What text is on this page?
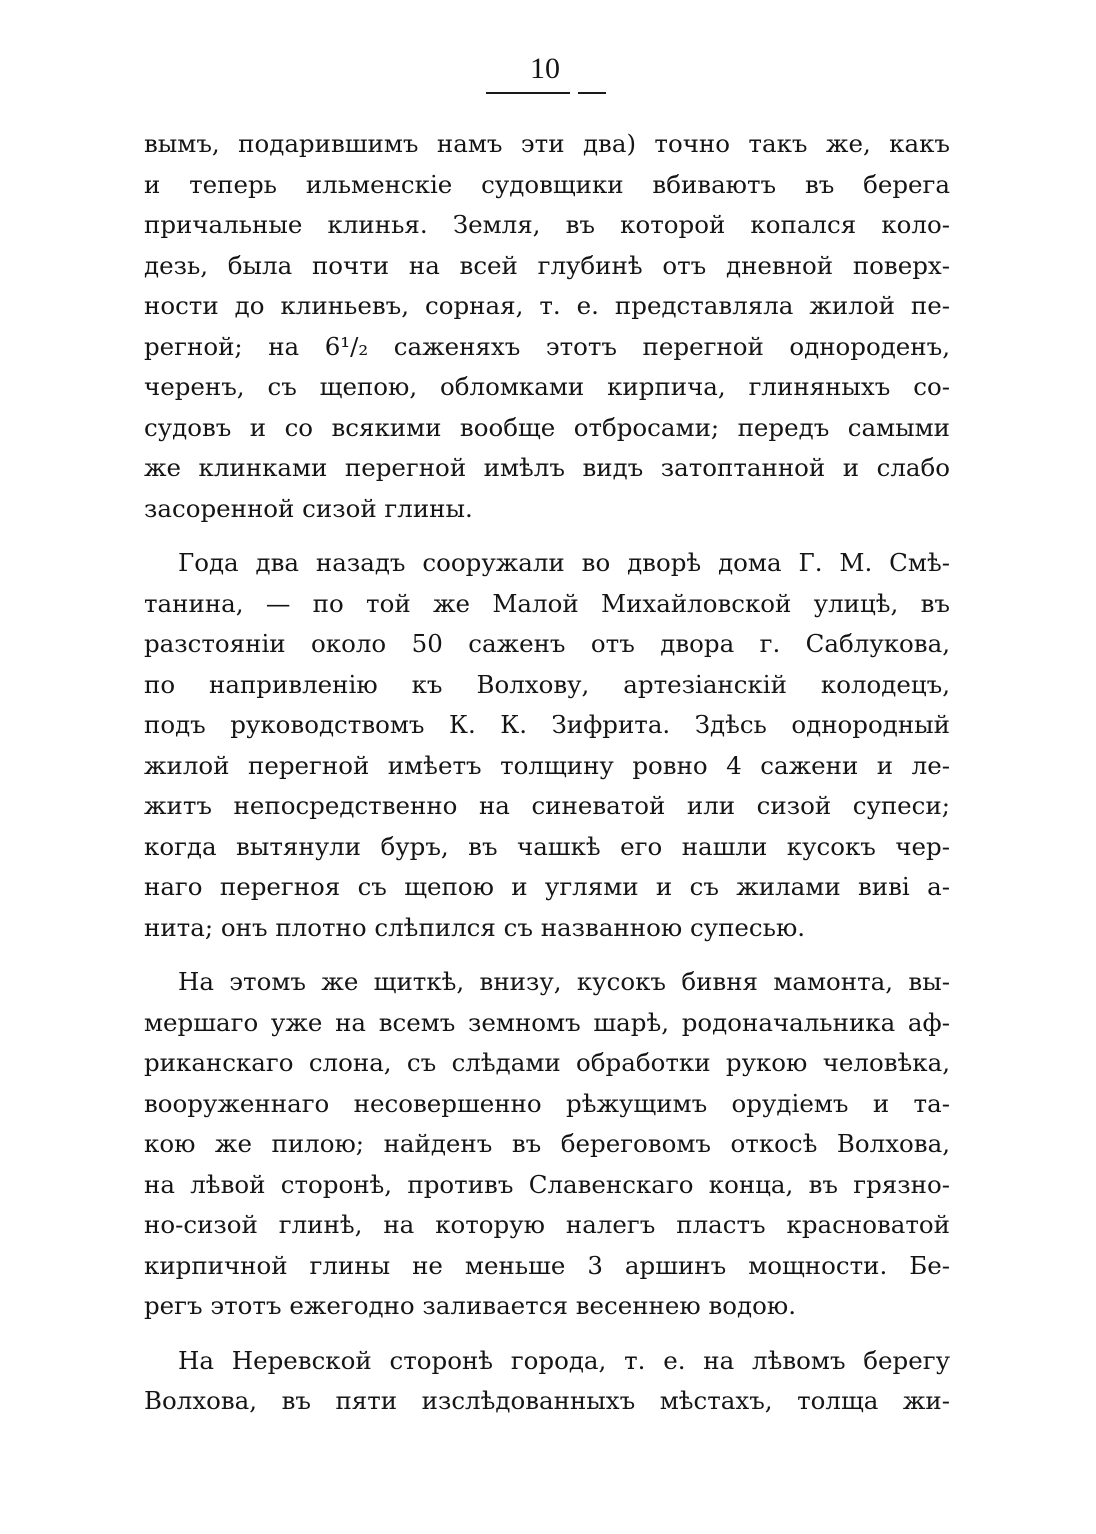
10
вымъ, подарившимъ намъ эти два) точно такъ же, какъ
и теперь ильменскіе судовщики вбиваютъ въ берега
причальные клинья. Земля, въ которой копался коло-
дезь, была почти на всей глубинѣ отъ дневной поверх-
ности до клиньевъ, сорная, т. е. представляла жилой пе-
регной; на 6¹/₂ саженяхъ этотъ перегной однороденъ,
черенъ, съ щепою, обломками кирпича, глиняныхъ со-
судовъ и со всякими вообще отбросами; передъ самыми
же клинками перегной имѣлъ видъ затоптанной и слабо
засоренной сизой глины.
Года два назадъ сооружали во дворѣ дома Г. М. Смѣ-
танина, — по той же Малой Михайловской улицѣ, въ
разстояніи около 50 саженъ отъ двора г. Саблукова,
по напривленію къ Волхову, артезіанскій колодецъ,
подъ руководствомъ К. К. Зифрита. Здѣсь однородный
жилой перегной имѣетъ толщину ровно 4 сажени и ле-
житъ непосредственно на синеватой или сизой супеси;
когда вытянули буръ, въ чашкѣ его нашли кусокъ чер-
наго перегноя съ щепою и углями и съ жилами виві а-
нита; онъ плотно слѣпился съ названною супесью.
На этомъ же щиткѣ, внизу, кусокъ бивня мамонта, вы-
мершаго уже на всемъ земномъ шарѣ, родоначальника аф-
риканскаго слона, съ слѣдами обработки рукою человѣка,
вооруженнаго несовершенно рѣжущимъ орудіемъ и та-
кою же пилою; найденъ въ береговомъ откосѣ Волхова,
на лѣвой сторонѣ, противъ Славенскаго конца, въ грязно-
но-сизой глинѣ, на которую налегъ пластъ красноватой
кирпичной глины не меньше 3 аршинъ мощности. Бе-
регъ этотъ ежегодно заливается весеннею водою.
На Неревской сторонѣ города, т. е. на лѣвомъ берегу
Волхова, въ пяти изслѣдованныхъ мѣстахъ, толща жи-
